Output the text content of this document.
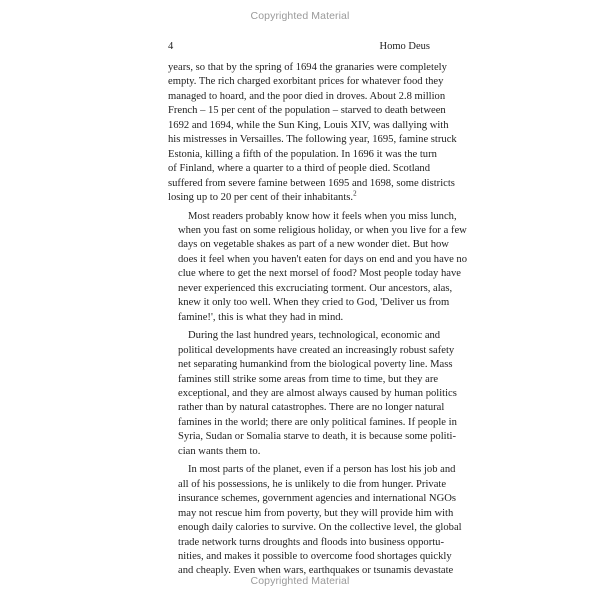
Copyrighted Material
4	Homo Deus

years, so that by the spring of 1694 the granaries were completely
empty. The rich charged exorbitant prices for whatever food they
managed to hoard, and the poor died in droves. About 2.8 million
French – 15 per cent of the population – starved to death between
1692 and 1694, while the Sun King, Louis XIV, was dallying with
his mistresses in Versailles. The following year, 1695, famine struck
Estonia, killing a fifth of the population. In 1696 it was the turn
of Finland, where a quarter to a third of people died. Scotland
suffered from severe famine between 1695 and 1698, some districts
losing up to 20 per cent of their inhabitants.$^2$

Most readers probably know how it feels when you miss lunch,
when you fast on some religious holiday, or when you live for a few
days on vegetable shakes as part of a new wonder diet. But how
does it feel when you haven't eaten for days on end and you have no
clue where to get the next morsel of food? Most people today have
never experienced this excruciating torment. Our ancestors, alas,
knew it only too well. When they cried to God, 'Deliver us from
famine!', this is what they had in mind.

During the last hundred years, technological, economic and
political developments have created an increasingly robust safety
net separating humankind from the biological poverty line. Mass
famines still strike some areas from time to time, but they are
exceptional, and they are almost always caused by human politics
rather than by natural catastrophes. There are no longer natural
famines in the world; there are only political famines. If people in
Syria, Sudan or Somalia starve to death, it is because some politi-
cian wants them to.

In most parts of the planet, even if a person has lost his job and
all of his possessions, he is unlikely to die from hunger. Private
insurance schemes, government agencies and international NGOs
may not rescue him from poverty, but they will provide him with
enough daily calories to survive. On the collective level, the global
trade network turns droughts and floods into business opportu-
nities, and makes it possible to overcome food shortages quickly
and cheaply. Even when wars, earthquakes or tsunamis devastate

Copyrighted Material
